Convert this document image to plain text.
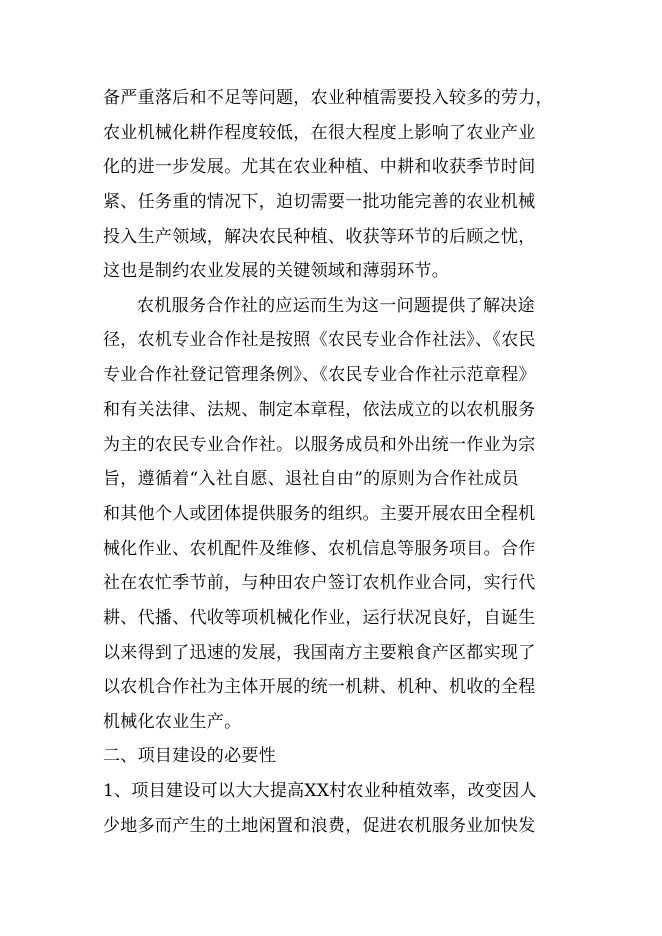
备严重落后和不足等问题，农业种植需要投入较多的劳力，
农业机械化耕作程度较低，在很大程度上影响了农业产业
化的进一步发展。尤其在农业种植、中耕和收获季节时间
紧、任务重的情况下，迫切需要一批功能完善的农业机械
投入生产领域，解决农民种植、收获等环节的后顾之忧，
这也是制约农业发展的关键领域和薄弱环节。
农机服务合作社的应运而生为这一问题提供了解决途
径，农机专业合作社是按照《农民专业合作社法》、《农民
专业合作社登记管理条例》、《农民专业合作社示范章程》
和有关法律、法规、制定本章程，依法成立的以农机服务
为主的农民专业合作社。以服务成员和外出统一作业为宗
旨，遵循着“入社自愿、退社自由”的原则为合作社成员
和其他个人或团体提供服务的组织。主要开展农田全程机
械化作业、农机配件及维修、农机信息等服务项目。合作
社在农忙季节前，与种田农户签订农机作业合同，实行代
耕、代播、代收等项机械化作业，运行状况良好，自诞生
以来得到了迅速的发展，我国南方主要粮食产区都实现了
以农机合作社为主体开展的统一机耕、机种、机收的全程
机械化农业生产。
二、项目建设的必要性
1、项目建设可以大大提高XX村农业种植效率，改变因人
少地多而产生的土地闲置和浪费，促进农机服务业加快发
